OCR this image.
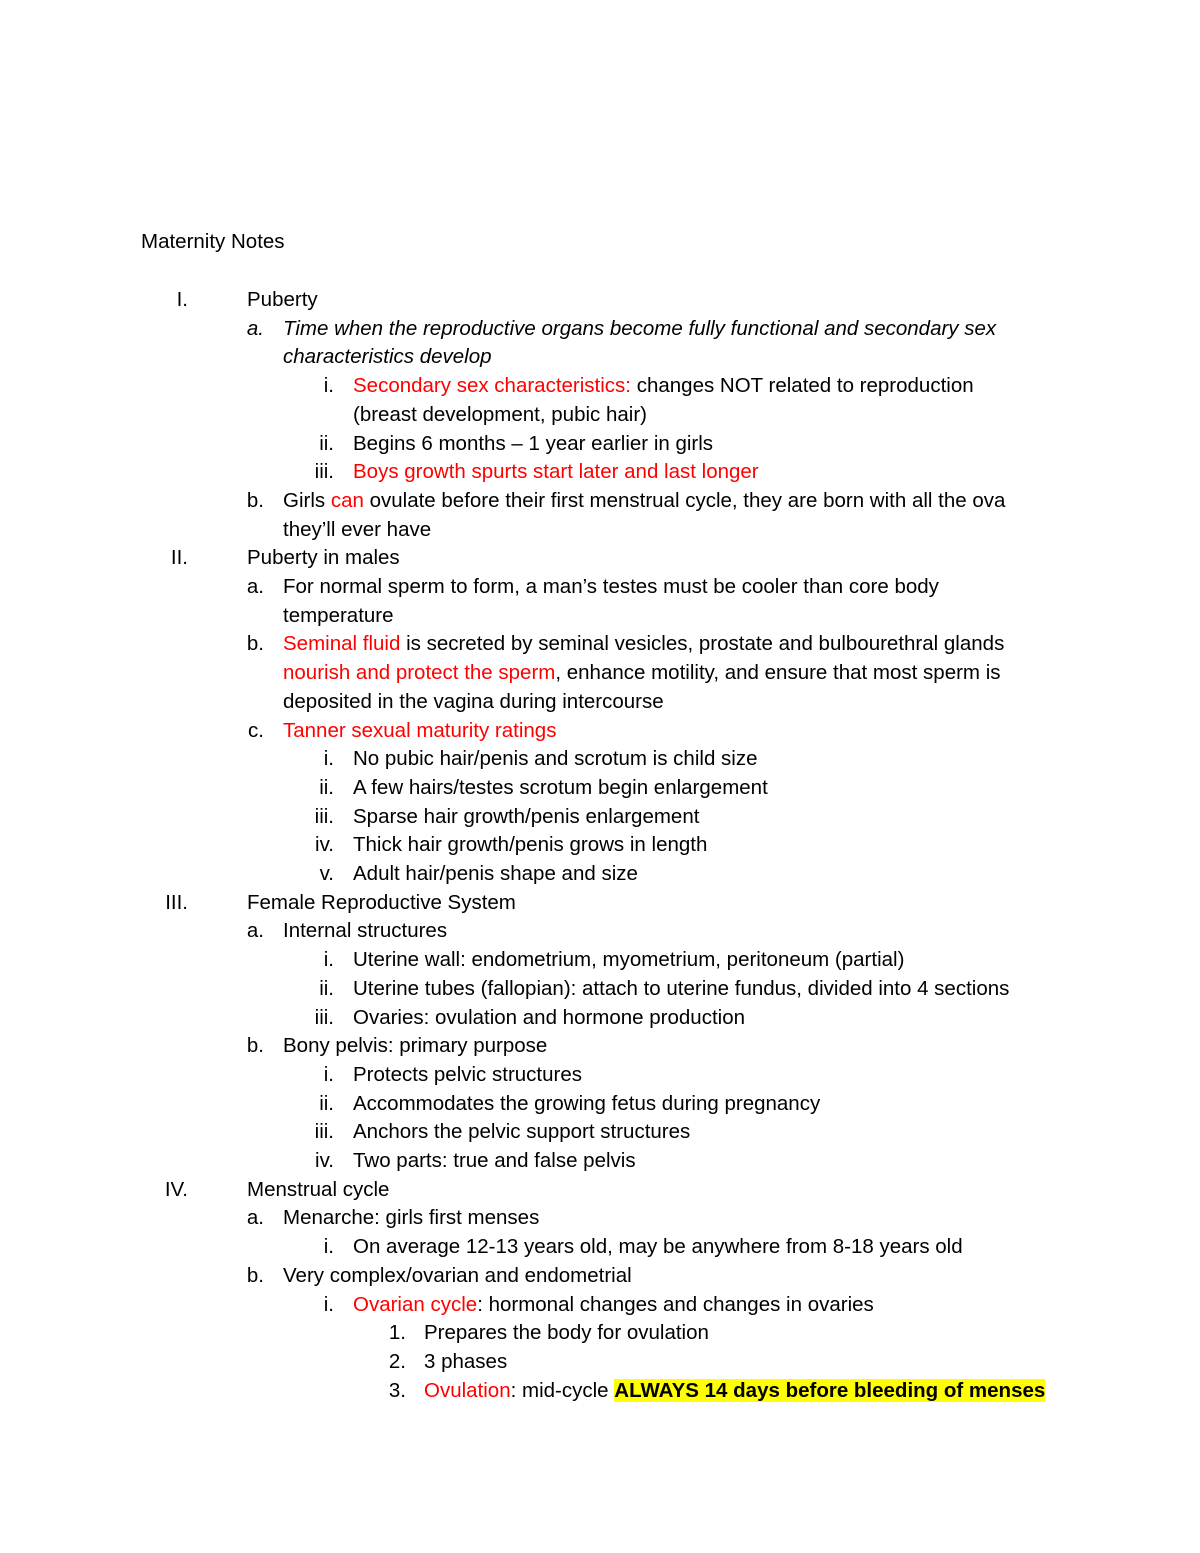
Maternity Notes
I.	Puberty
a. Time when the reproductive organs become fully functional and secondary sex
characteristics develop
i. Secondary sex characteristics: changes NOT related to reproduction
(breast development, pubic hair)
ii. Begins 6 months – 1 year earlier in girls
iii. Boys growth spurts start later and last longer
b. Girls can ovulate before their first menstrual cycle, they are born with all the ova
they’ll ever have
II.	Puberty in males
a. For normal sperm to form, a man’s testes must be cooler than core body
temperature
b. Seminal fluid is secreted by seminal vesicles, prostate and bulbourethral glands
nourish and protect the sperm, enhance motility, and ensure that most sperm is
deposited in the vagina during intercourse
c. Tanner sexual maturity ratings
i. No pubic hair/penis and scrotum is child size
ii. A few hairs/testes scrotum begin enlargement
iii. Sparse hair growth/penis enlargement
iv. Thick hair growth/penis grows in length
v. Adult hair/penis shape and size
III.	Female Reproductive System
a. Internal structures
i. Uterine wall: endometrium, myometrium, peritoneum (partial)
ii. Uterine tubes (fallopian): attach to uterine fundus, divided into 4 sections
iii. Ovaries: ovulation and hormone production
b. Bony pelvis: primary purpose
i. Protects pelvic structures
ii. Accommodates the growing fetus during pregnancy
iii. Anchors the pelvic support structures
iv. Two parts: true and false pelvis
IV.	Menstrual cycle
a. Menarche: girls first menses
i. On average 12-13 years old, may be anywhere from 8-18 years old
b. Very complex/ovarian and endometrial
i. Ovarian cycle: hormonal changes and changes in ovaries
1. Prepares the body for ovulation
2. 3 phases
3. Ovulation: mid-cycle ALWAYS 14 days before bleeding of menses
